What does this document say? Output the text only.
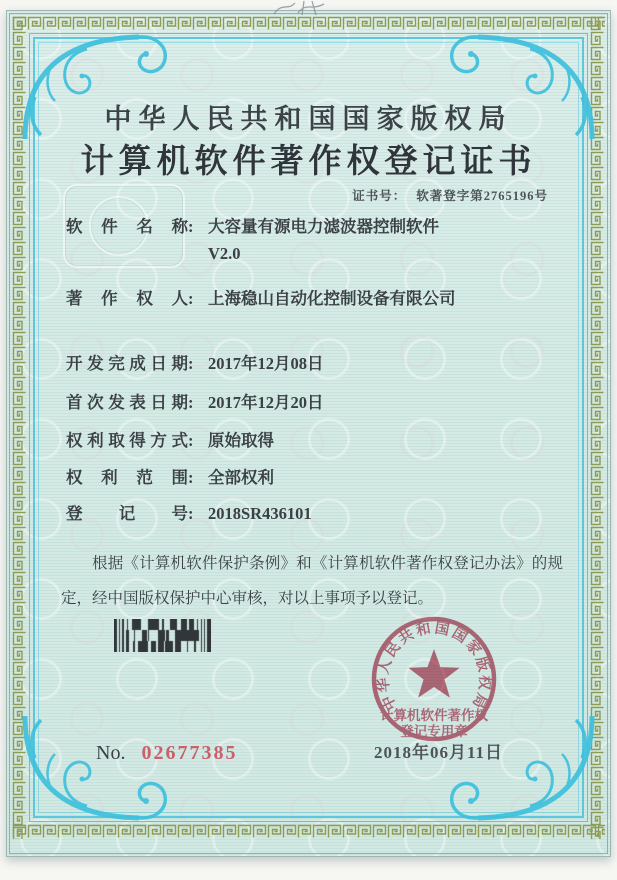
中华人民共和国国家版权局
计算机软件著作权登记证书
证书号： 软著登字第2765196号
软件名称 : 大容量有源电力滤波器控制软件
V2.0
著作权人 : 上海稳山自动化控制设备有限公司
开发完成日期 : 2017年12月08日
首次发表日期 : 2017年12月20日
权利取得方式 : 原始取得
权利范围 : 全部权利
登记号 : 2018SR436101
根据《计算机软件保护条例》和《计算机软件著作权登记办法》的规定，经中国版权保护中心审核，对以上事项予以登记。
No. 02677385
中华人民共和国国家版权局
计算机软件著作权
登记专用章
2018年06月11日
